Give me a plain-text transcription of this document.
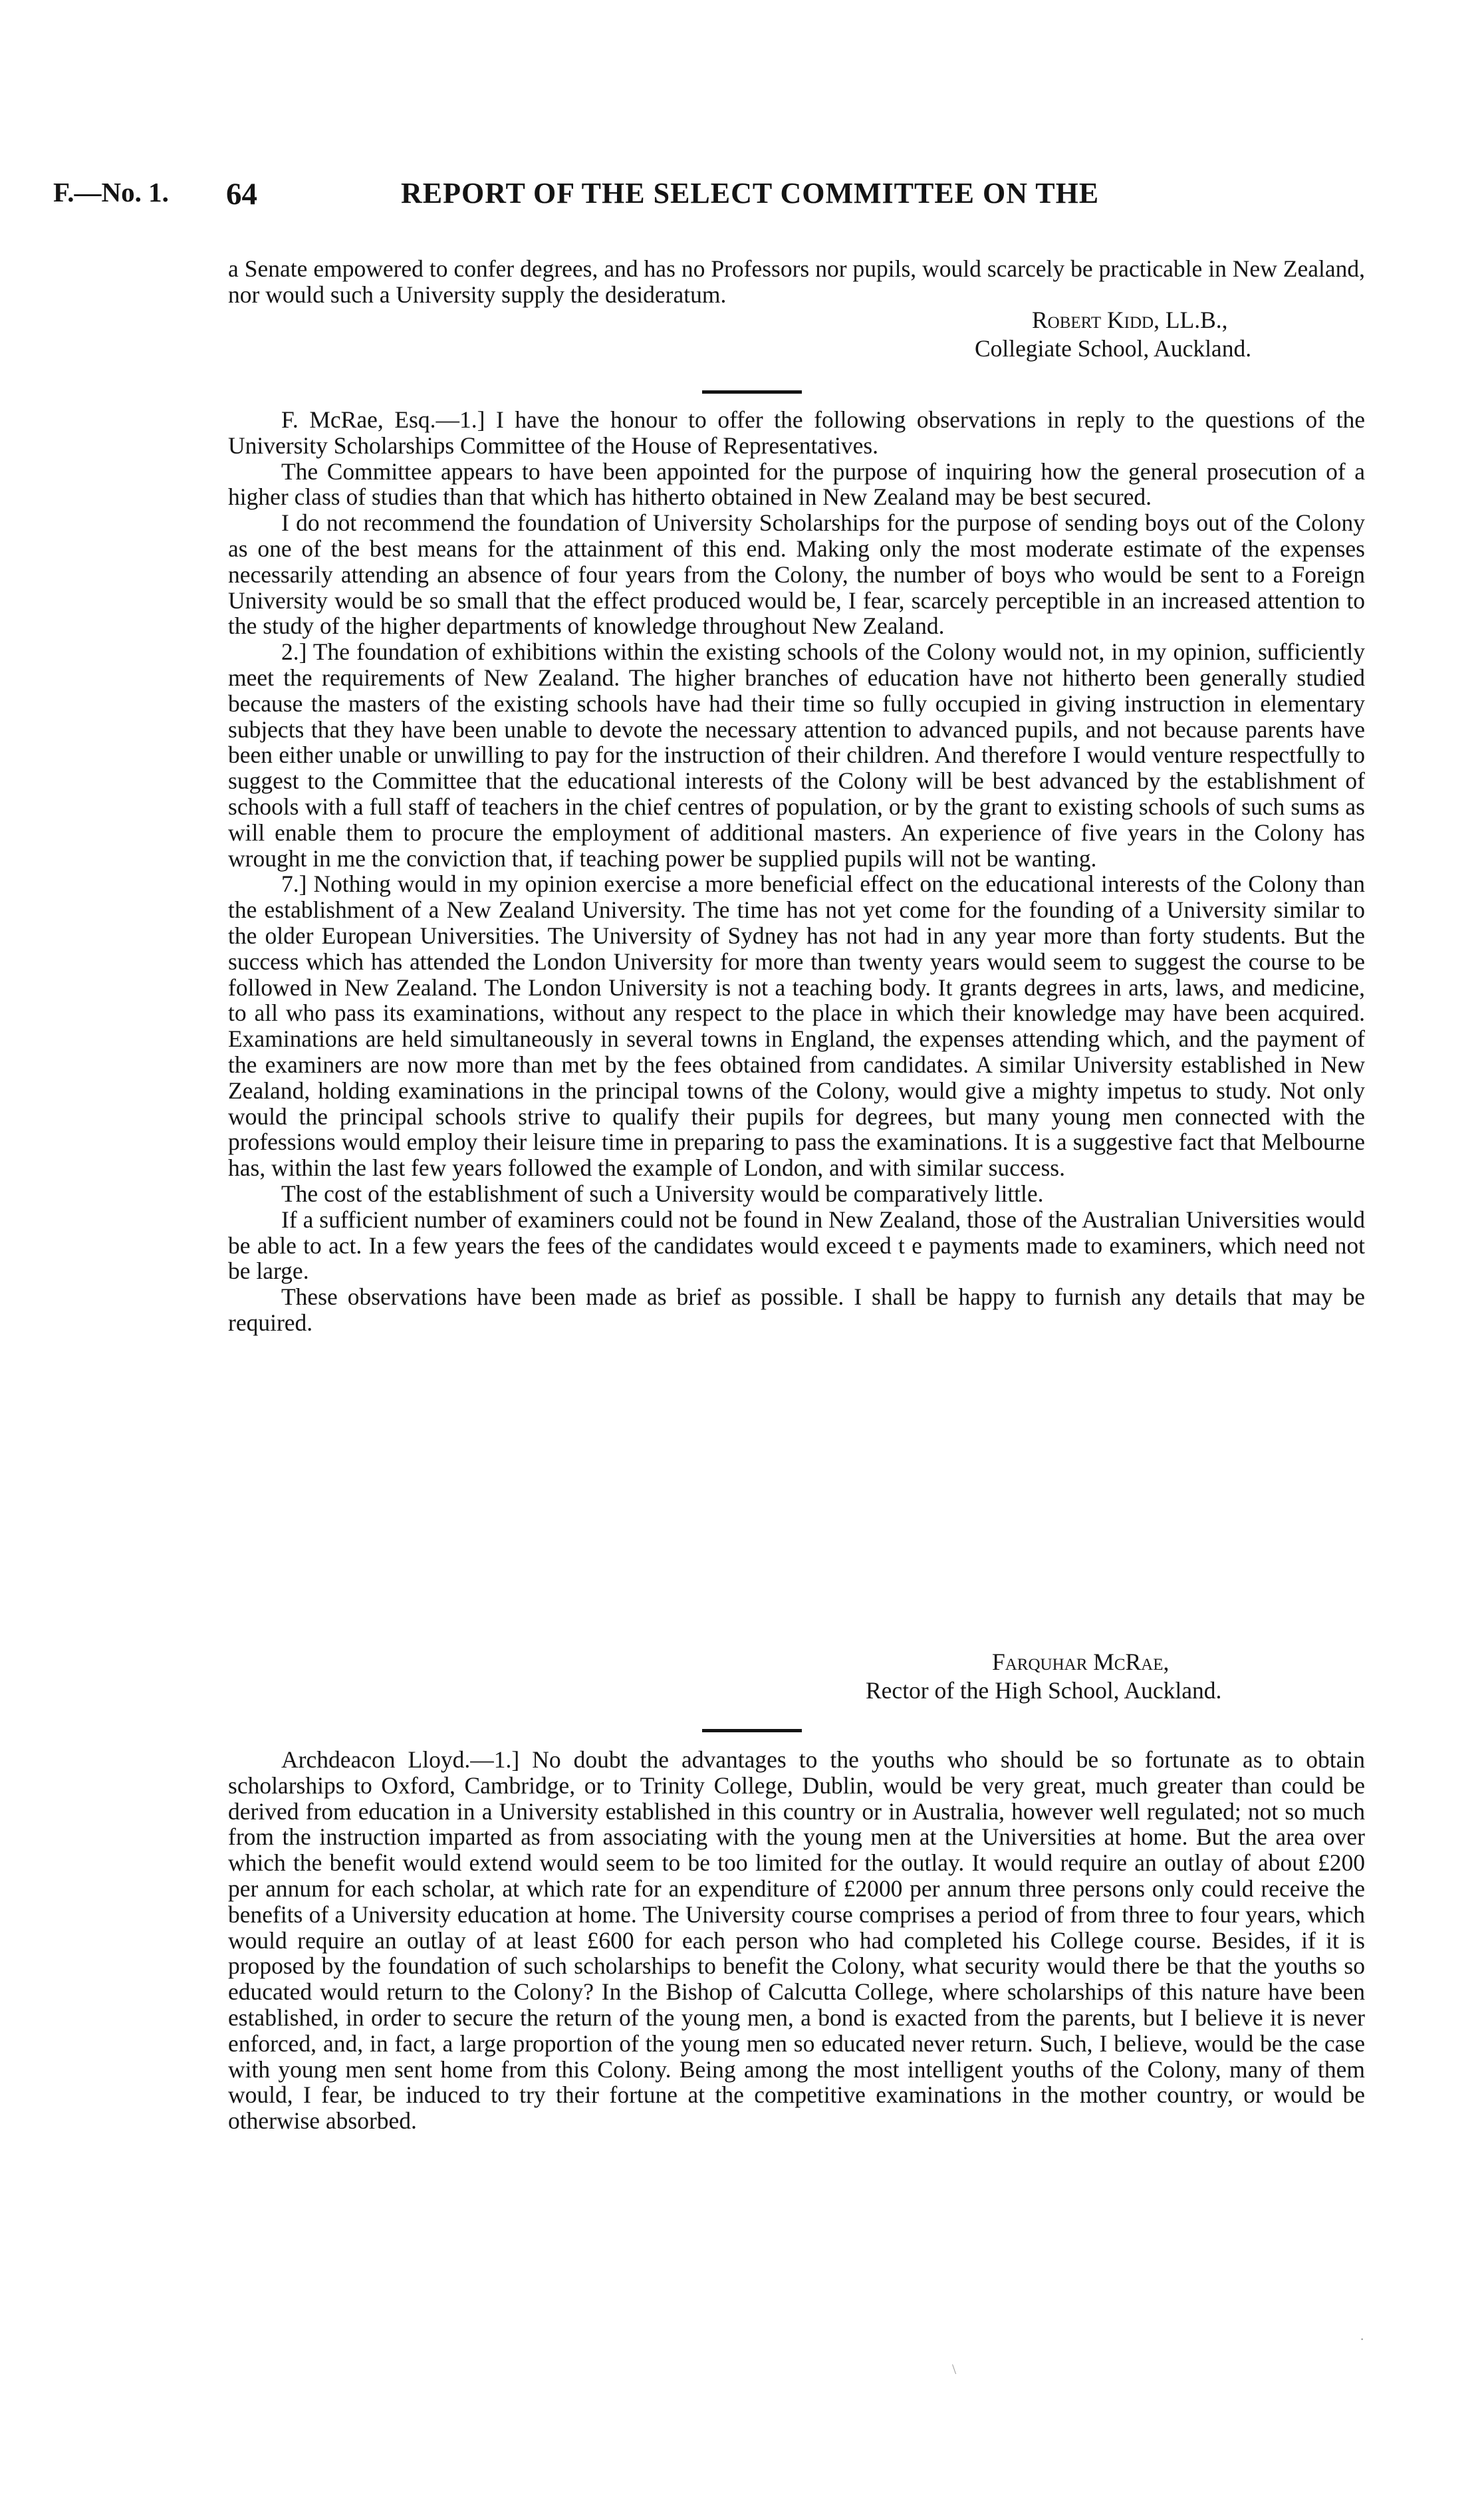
F.—No. 1. 64	REPORT OF THE SELECT COMMITTEE ON THE

a Senate empowered to confer degrees, and has no Professors nor pupils, would scarcely be practicable in New Zealand, nor would such a University supply the desideratum.

Robert Kidd, LL.B.,
Collegiate School, Auckland.

F. McRae, Esq.—1.] I have the honour to offer the following observations in reply to the questions of the University Scholarships Committee of the House of Representatives.

The Committee appears to have been appointed for the purpose of inquiring how the general prosecution of a higher class of studies than that which has hitherto obtained in New Zealand may be best secured.

I do not recommend the foundation of University Scholarships for the purpose of sending boys out of the Colony as one of the best means for the attainment of this end. Making only the most moderate estimate of the expenses necessarily attending an absence of four years from the Colony, the number of boys who would be sent to a Foreign University would be so small that the effect produced would be, I fear, scarcely perceptible in an increased attention to the study of the higher departments of knowledge throughout New Zealand.

2.] The foundation of exhibitions within the existing schools of the Colony would not, in my opinion, sufficiently meet the requirements of New Zealand. The higher branches of education have not hitherto been generally studied because the masters of the existing schools have had their time so fully occupied in giving instruction in elementary subjects that they have been unable to devote the necessary attention to advanced pupils, and not because parents have been either unable or unwilling to pay for the instruction of their children. And therefore I would venture respectfully to suggest to the Committee that the educational interests of the Colony will be best advanced by the establishment of schools with a full staff of teachers in the chief centres of population, or by the grant to existing schools of such sums as will enable them to procure the employment of additional masters. An experience of five years in the Colony has wrought in me the conviction that, if teaching power be supplied pupils will not be wanting.

7.] Nothing would in my opinion exercise a more beneficial effect on the educational interests of the Colony than the establishment of a New Zealand University. The time has not yet come for the founding of a University similar to the older European Universities. The University of Sydney has not had in any year more than forty students. But the success which has attended the London University for more than twenty years would seem to suggest the course to be followed in New Zealand. The London University is not a teaching body. It grants degrees in arts, laws, and medicine, to all who pass its examinations, without any respect to the place in which their knowledge may have been acquired. Examinations are held simultaneously in several towns in England, the expenses attending which, and the payment of the examiners are now more than met by the fees obtained from candidates. A similar University established in New Zealand, holding examinations in the principal towns of the Colony, would give a mighty impetus to study. Not only would the principal schools strive to qualify their pupils for degrees, but many young men connected with the professions would employ their leisure time in preparing to pass the examinations. It is a suggestive fact that Melbourne has, within the last few years followed the example of London, and with similar success.

The cost of the establishment of such a University would be comparatively little.

If a sufficient number of examiners could not be found in New Zealand, those of the Australian Universities would be able to act. In a few years the fees of the candidates would exceed t e payments made to examiners, which need not be large.

These observations have been made as brief as possible. I shall be happy to furnish any details that may be required.

Farquhar McRae,
Rector of the High School, Auckland.

Archdeacon Lloyd.—1.] No doubt the advantages to the youths who should be so fortunate as to obtain scholarships to Oxford, Cambridge, or to Trinity College, Dublin, would be very great, much greater than could be derived from education in a University established in this country or in Australia, however well regulated; not so much from the instruction imparted as from associating with the young men at the Universities at home. But the area over which the benefit would extend would seem to be too limited for the outlay. It would require an outlay of about £200 per annum for each scholar, at which rate for an expenditure of £2000 per annum three persons only could receive the benefits of a University education at home. The University course comprises a period of from three to four years, which would require an outlay of at least £600 for each person who had completed his College course. Besides, if it is proposed by the foundation of such scholarships to benefit the Colony, what security would there be that the youths so educated would return to the Colony? In the Bishop of Calcutta College, where scholarships of this nature have been established, in order to secure the return of the young men, a bond is exacted from the parents, but I believe it is never enforced, and, in fact, a large proportion of the young men so educated never return. Such, I believe, would be the case with young men sent home from this Colony. Being among the most intelligent youths of the Colony, many of them would, I fear, be induced to try their fortune at the competitive examinations in the mother country, or would be otherwise absorbed.

·
\
